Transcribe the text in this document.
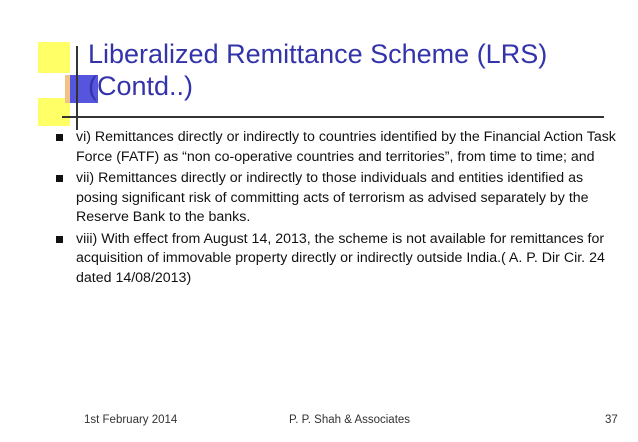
Liberalized Remittance Scheme (LRS)
(Contd..)
vi) Remittances directly or indirectly to countries identified by the Financial Action Task Force (FATF) as “non co-operative countries and territories”, from time to time; and
vii) Remittances directly or indirectly to those individuals and entities identified as posing significant risk of committing acts of terrorism as advised separately by the Reserve Bank to the banks.
viii) With effect from August 14, 2013, the scheme is not available for remittances for acquisition of immovable property directly or indirectly outside India.( A. P. Dir Cir. 24 dated 14/08/2013)
1st February 2014	P. P. Shah & Associates	37
